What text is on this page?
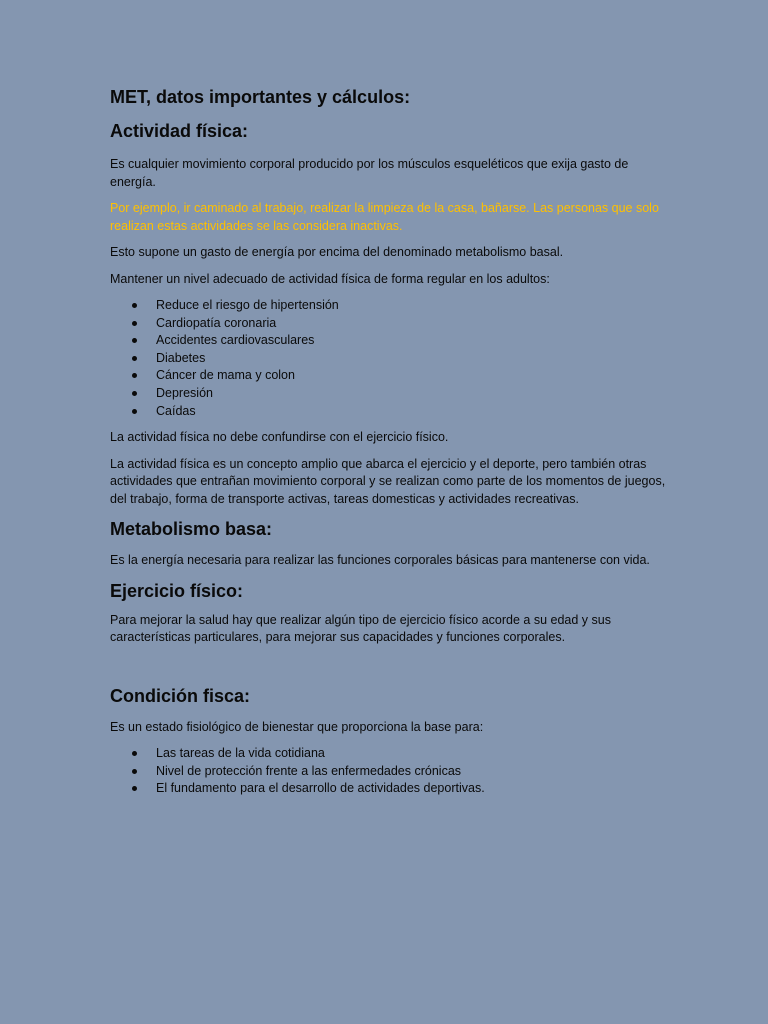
MET, datos importantes y cálculos:
Actividad física:

Es cualquier movimiento corporal producido por los músculos esqueléticos que exija gasto de energía.

Por ejemplo, ir caminado al trabajo, realizar la limpieza de la casa, bañarse. Las personas que solo realizan estas actividades se las considera inactivas.

Esto supone un gasto de energía por encima del denominado metabolismo basal.

Mantener un nivel adecuado de actividad física de forma regular en los adultos:

Reduce el riesgo de hipertensión
Cardiopatía coronaria
Accidentes cardiovasculares
Diabetes
Cáncer de mama y colon
Depresión
Caídas

La actividad física no debe confundirse con el ejercicio físico.

La actividad física es un concepto amplio que abarca el ejercicio y el deporte, pero también otras actividades que entrañan movimiento corporal y se realizan como parte de los momentos de juegos, del trabajo, forma de transporte activas, tareas domesticas y actividades recreativas.

Metabolismo basa:

Es la energía necesaria para realizar las funciones corporales básicas para mantenerse con vida.

Ejercicio físico:

Para mejorar la salud hay que realizar algún tipo de ejercicio físico acorde a su edad y sus características particulares, para mejorar sus capacidades y funciones corporales.

Condición fisca:

Es un estado fisiológico de bienestar que proporciona la base para:

Las tareas de la vida cotidiana
Nivel de protección frente a las enfermedades crónicas
El fundamento para el desarrollo de actividades deportivas.
